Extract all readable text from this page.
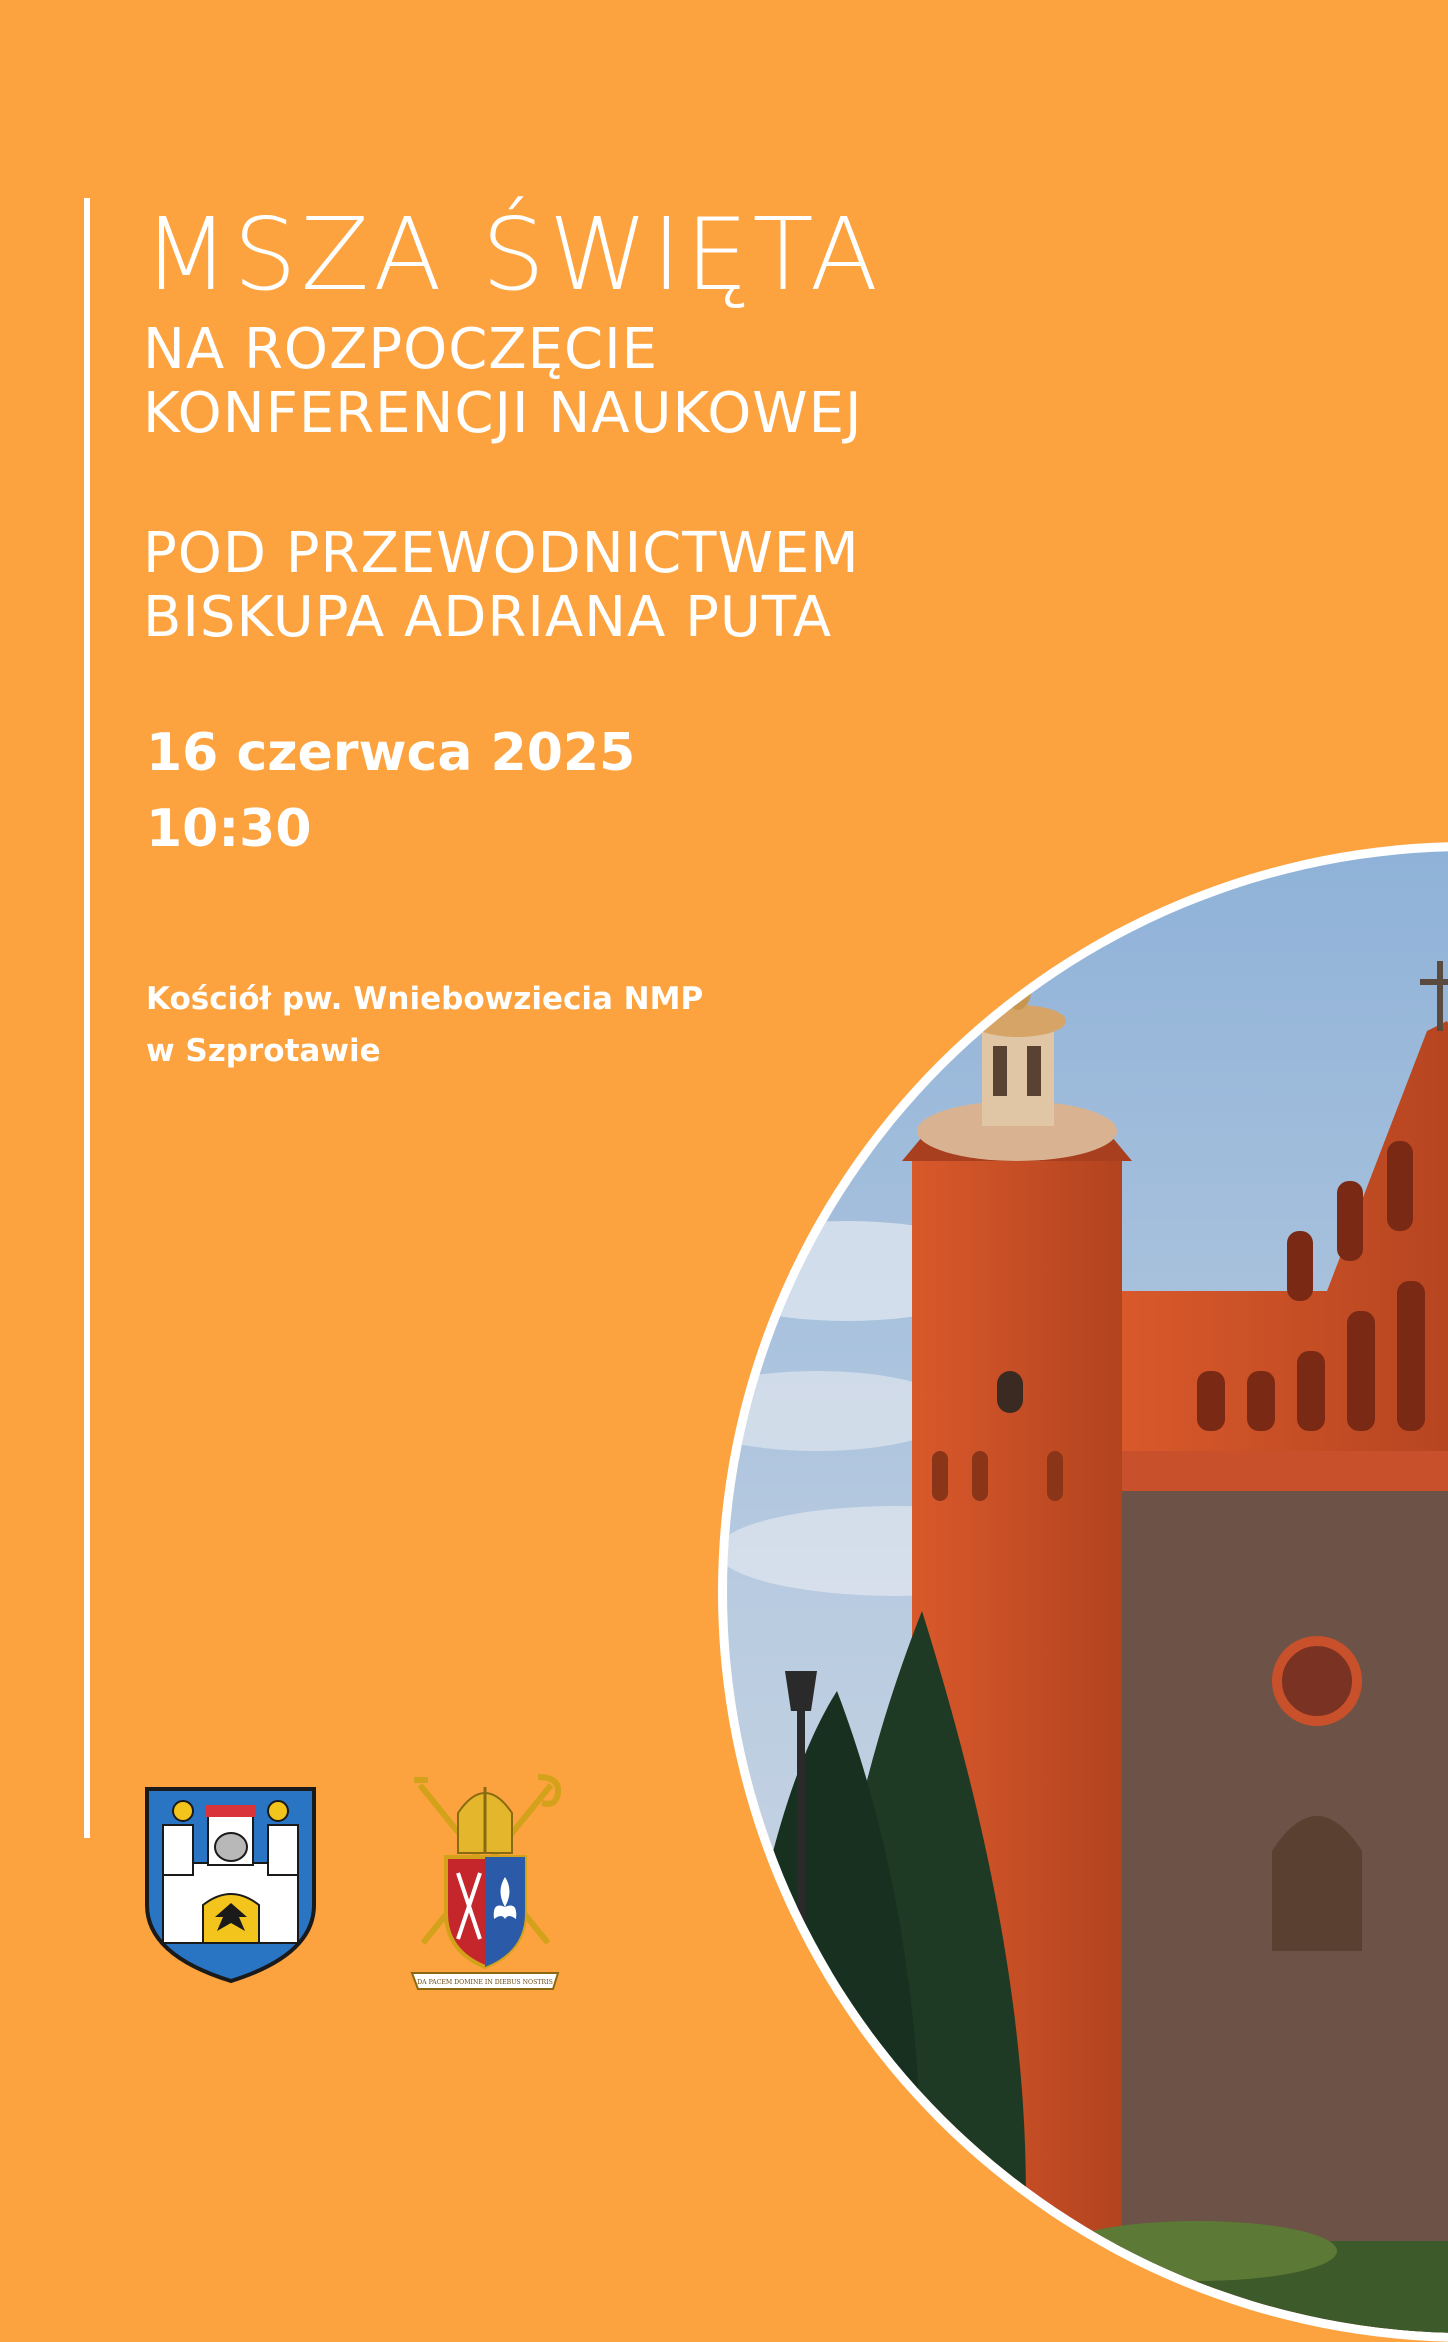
MSZA ŚWIĘTA
NA ROZPOCZĘCIE
KONFERENCJI NAUKOWEJ
POD PRZEWODNICTWEM
BISKUPA ADRIANA PUTA
16 czerwca 2025
10:30
Kościół pw. Wniebowziecia NMP
w Szprotawie
DA PACEM DOMINE IN DIEBUS NOSTRIS
